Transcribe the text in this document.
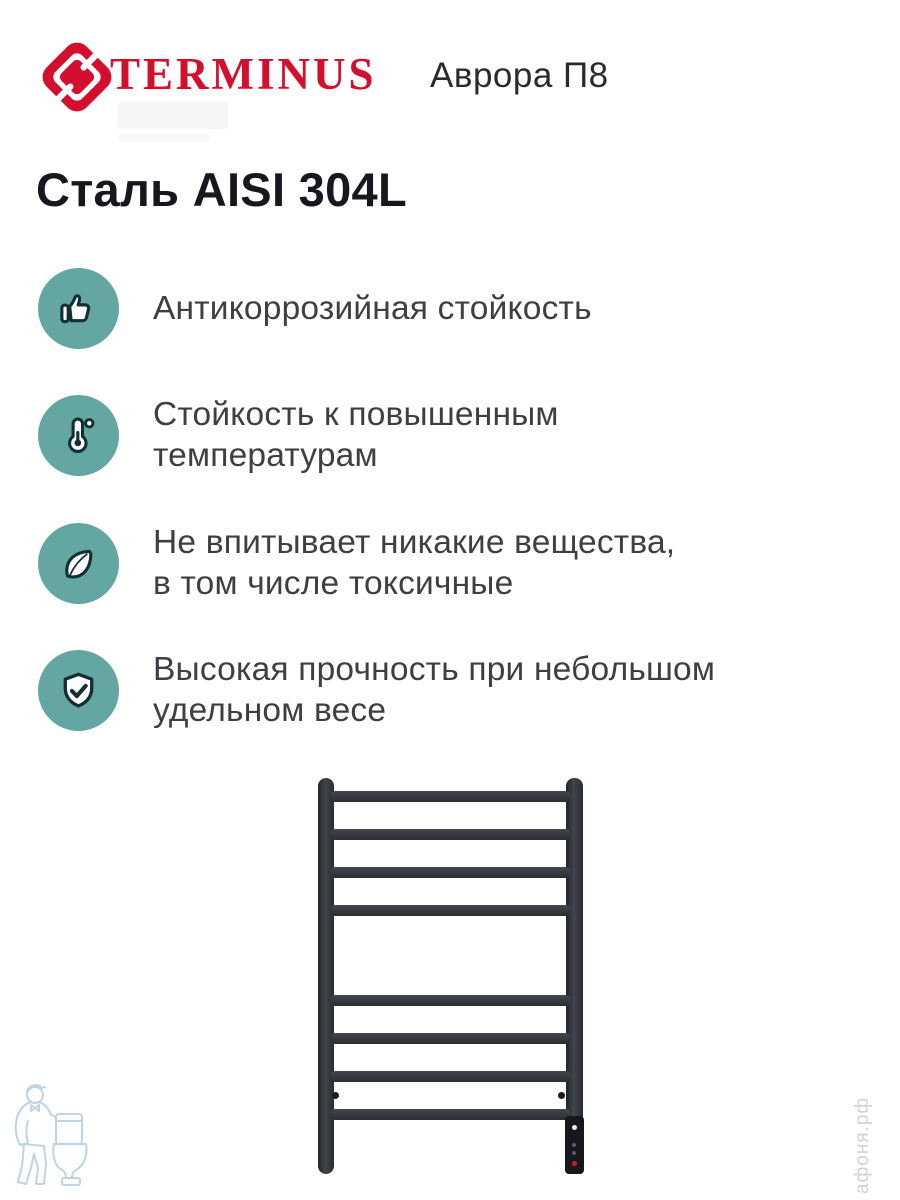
TERMINUS Аврора П8
Сталь AISI 304L
Антикоррозийная стойкость
Стойкость к повышенным
температурам
Не впитывает никакие вещества,
в том числе токсичные
Высокая прочность при небольшом
удельном весе
афоня.рф
